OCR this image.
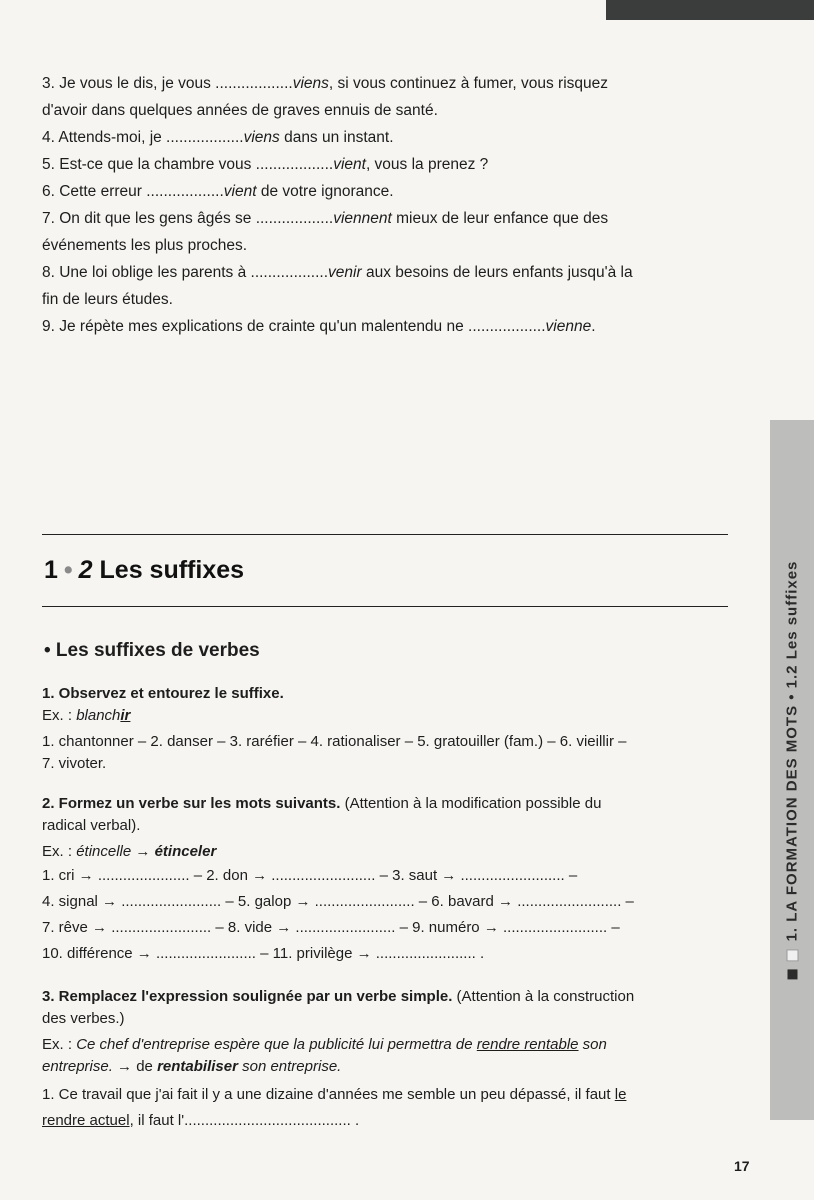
1. LA FORMATION DES MOTS • 1.2 Les suffixes

3. Je vous le dis, je vous ..................viens, si vous continuez à fumer, vous risquez d'avoir dans quelques années de graves ennuis de santé.

4. Attends-moi, je ..................viens dans un instant.

5. Est-ce que la chambre vous ..................vient, vous la prenez ?

6. Cette erreur ..................vient de votre ignorance.

7. On dit que les gens âgés se ..................viennent mieux de leur enfance que des événements les plus proches.

8. Une loi oblige les parents à ..................venir aux besoins de leurs enfants jusqu'à la fin de leurs études.

9. Je répète mes explications de crainte qu'un malentendu ne ..................vienne.

1 • 2 Les suffixes
• Les suffixes de verbes
1. Observez et entourez le suffixe.
Ex. : blanchir
1. chantonner – 2. danser – 3. raréfier – 4. rationaliser – 5. gratouiller (fam.) – 6. vieillir – 7. vivoter.
2. Formez un verbe sur les mots suivants. (Attention à la modification possible du radical verbal).
Ex. : étincelle → étinceler
1. cri → ...................... – 2. don → ......................... – 3. saut → ......................... –
4. signal → ........................ – 5. galop → ........................ – 6. bavard → ......................... –
7. rêve → ........................ – 8. vide → ........................ – 9. numéro → ......................... –
10. différence → ........................ – 11. privilège → ........................ .
3. Remplacez l'expression soulignée par un verbe simple. (Attention à la construction des verbes.)
Ex. : Ce chef d'entreprise espère que la publicité lui permettra de rendre rentable son entreprise. → de rentabiliser son entreprise.
1. Ce travail que j'ai fait il y a une dizaine d'années me semble un peu dépassé, il faut le rendre actuel, il faut l'........................................ .
17
